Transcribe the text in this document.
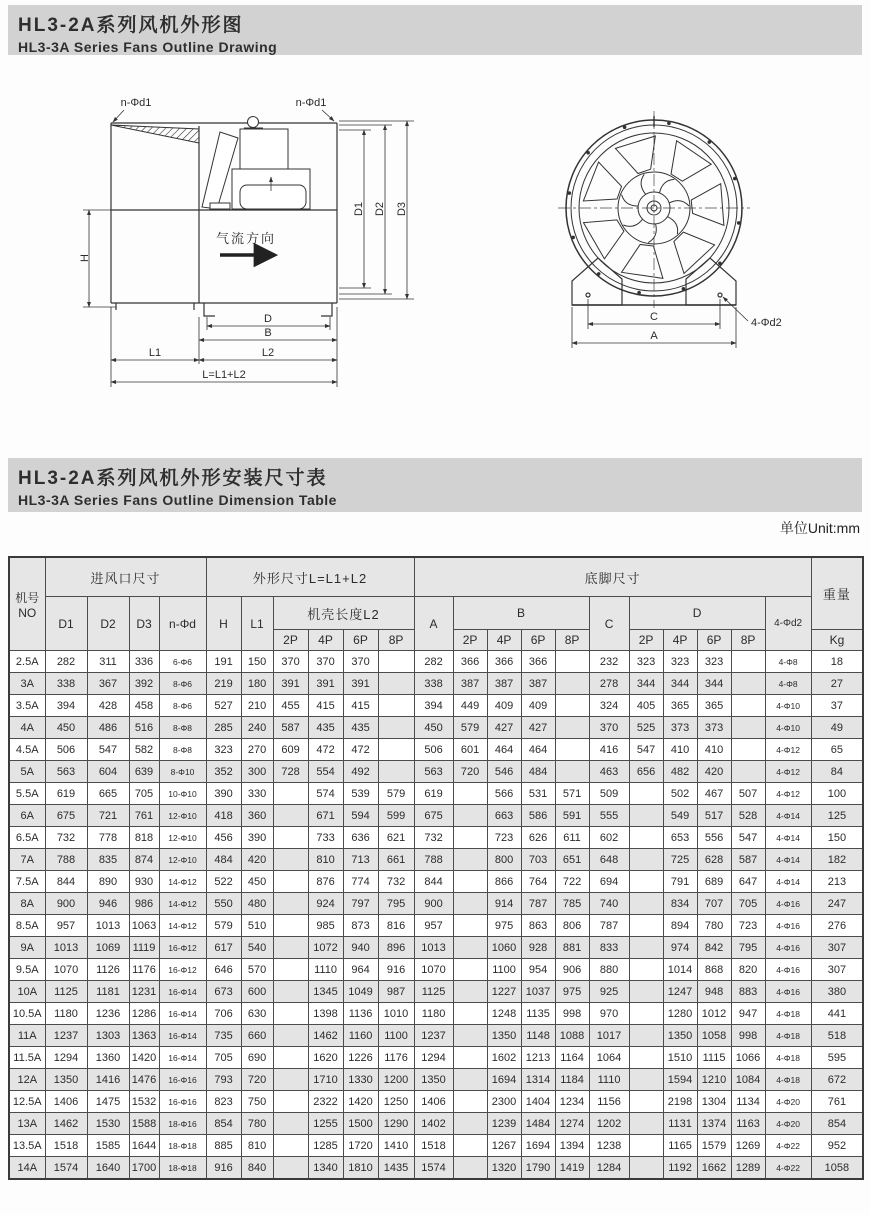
HL3-2A系列风机外形图
HL3-3A Series Fans Outline Drawing
气流方向
n-Φd1	n-Φd1
H
D1 D2 D3
D
B
L1	L2
L=L1+L2
C
A
4-Φd2
HL3-2A系列风机外形安装尺寸表
HL3-3A Series Fans Outline Dimension Table
单位Unit:mm
机号
NO	进风口尺寸				外形尺寸L=L1+L2						底脚尺寸											重量
	D1	D2	D3	n-Φd	H	L1	机壳长度L2				A	B				C	D				4-Φd2	
							2P	4P	6P	8P		2P	4P	6P	8P		2P	4P	6P	8P		Kg
2.5A	282	311	336	6-Φ6	191	150	370	370	370		282	366	366	366		232	323	323	323		4-Φ8	18
3A	338	367	392	8-Φ6	219	180	391	391	391		338	387	387	387		278	344	344	344		4-Φ8	27
3.5A	394	428	458	8-Φ6	527	210	455	415	415		394	449	409	409		324	405	365	365		4-Φ10	37
4A	450	486	516	8-Φ8	285	240	587	435	435		450	579	427	427		370	525	373	373		4-Φ10	49
4.5A	506	547	582	8-Φ8	323	270	609	472	472		506	601	464	464		416	547	410	410		4-Φ12	65
5A	563	604	639	8-Φ10	352	300	728	554	492		563	720	546	484		463	656	482	420		4-Φ12	84
5.5A	619	665	705	10-Φ10	390	330		574	539	579	619		566	531	571	509		502	467	507	4-Φ12	100
6A	675	721	761	12-Φ10	418	360		671	594	599	675		663	586	591	555		549	517	528	4-Φ14	125
6.5A	732	778	818	12-Φ10	456	390		733	636	621	732		723	626	611	602		653	556	547	4-Φ14	150
7A	788	835	874	12-Φ10	484	420		810	713	661	788		800	703	651	648		725	628	587	4-Φ14	182
7.5A	844	890	930	14-Φ12	522	450		876	774	732	844		866	764	722	694		791	689	647	4-Φ14	213
8A	900	946	986	14-Φ12	550	480		924	797	795	900		914	787	785	740		834	707	705	4-Φ16	247
8.5A	957	1013	1063	14-Φ12	579	510		985	873	816	957		975	863	806	787		894	780	723	4-Φ16	276
9A	1013	1069	1119	16-Φ12	617	540		1072	940	896	1013		1060	928	881	833		974	842	795	4-Φ16	307
9.5A	1070	1126	1176	16-Φ12	646	570		1110	964	916	1070		1100	954	906	880		1014	868	820	4-Φ16	307
10A	1125	1181	1231	16-Φ14	673	600		1345	1049	987	1125		1227	1037	975	925		1247	948	883	4-Φ16	380
10.5A	1180	1236	1286	16-Φ14	706	630		1398	1136	1010	1180		1248	1135	998	970		1280	1012	947	4-Φ18	441
11A	1237	1303	1363	16-Φ14	735	660		1462	1160	1100	1237		1350	1148	1088	1017		1350	1058	998	4-Φ18	518
11.5A	1294	1360	1420	16-Φ14	705	690		1620	1226	1176	1294		1602	1213	1164	1064		1510	1115	1066	4-Φ18	595
12A	1350	1416	1476	16-Φ16	793	720		1710	1330	1200	1350		1694	1314	1184	1110		1594	1210	1084	4-Φ18	672
12.5A	1406	1475	1532	16-Φ16	823	750		2322	1420	1250	1406		2300	1404	1234	1156		2198	1304	1134	4-Φ20	761
13A	1462	1530	1588	18-Φ16	854	780		1255	1500	1290	1402		1239	1484	1274	1202		1131	1374	1163	4-Φ20	854
13.5A	1518	1585	1644	18-Φ18	885	810		1285	1720	1410	1518		1267	1694	1394	1238		1165	1579	1269	4-Φ22	952
14A	1574	1640	1700	18-Φ18	916	840		1340	1810	1435	1574		1320	1790	1419	1284		1192	1662	1289	4-Φ22	1058
